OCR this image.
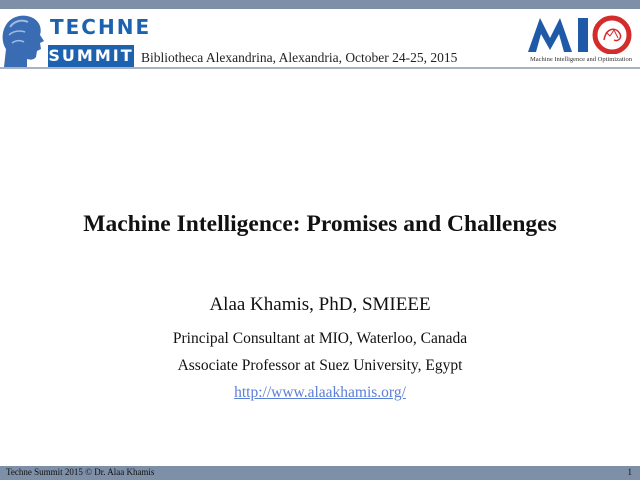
TECHNE
SUMMIT Bibliotheca Alexandrina, Alexandria, October 24-25, 2015	Machine Intelligence and Optimization
Machine Intelligence: Promises and Challenges
Alaa Khamis, PhD, SMIEEE
Principal Consultant at MIO, Waterloo, Canada
Associate Professor at Suez University, Egypt
http://www.alaakhamis.org/
Techne Summit 2015 © Dr. Alaa Khamis	1
